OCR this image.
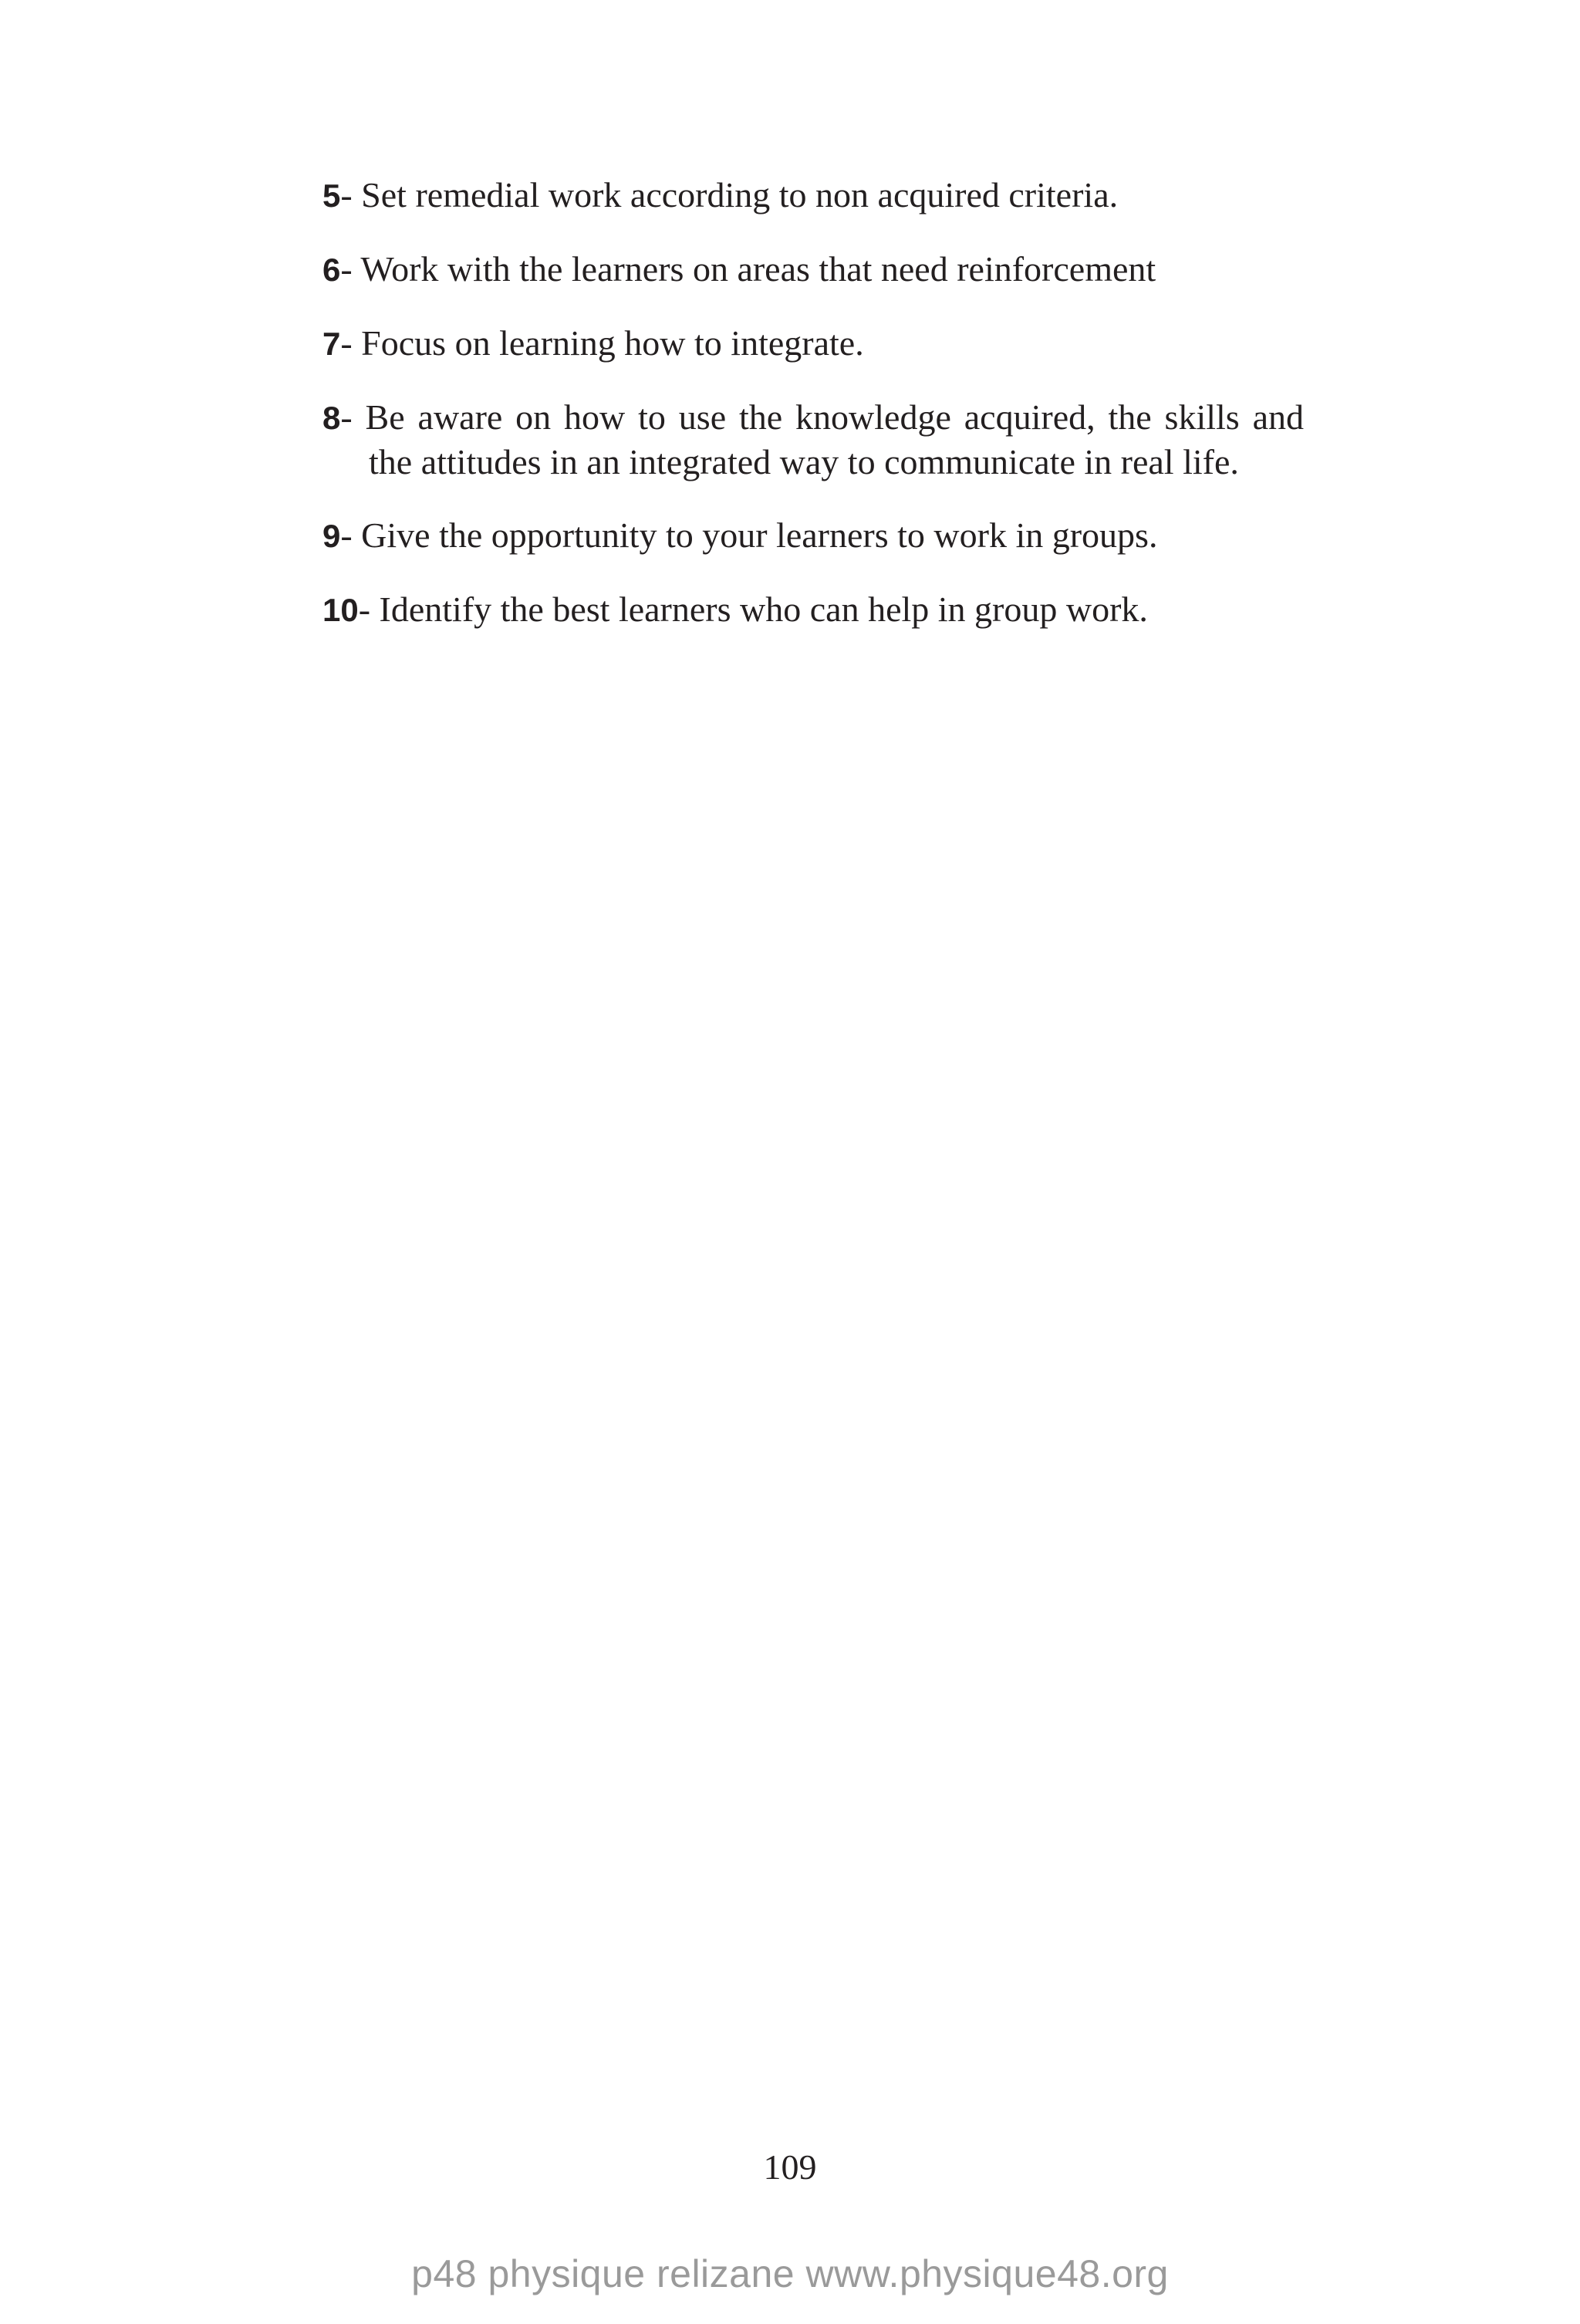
5- Set remedial work according to non acquired criteria.
6- Work with the learners on areas that need reinforcement
7- Focus on learning how to integrate.
8- Be aware on how to use the knowledge acquired, the skills and the attitudes in an integrated way to communicate in real life.
9- Give the opportunity to your learners to work in groups.
10- Identify the best learners who can help in group work.
109
p48 physique relizane www.physique48.org
